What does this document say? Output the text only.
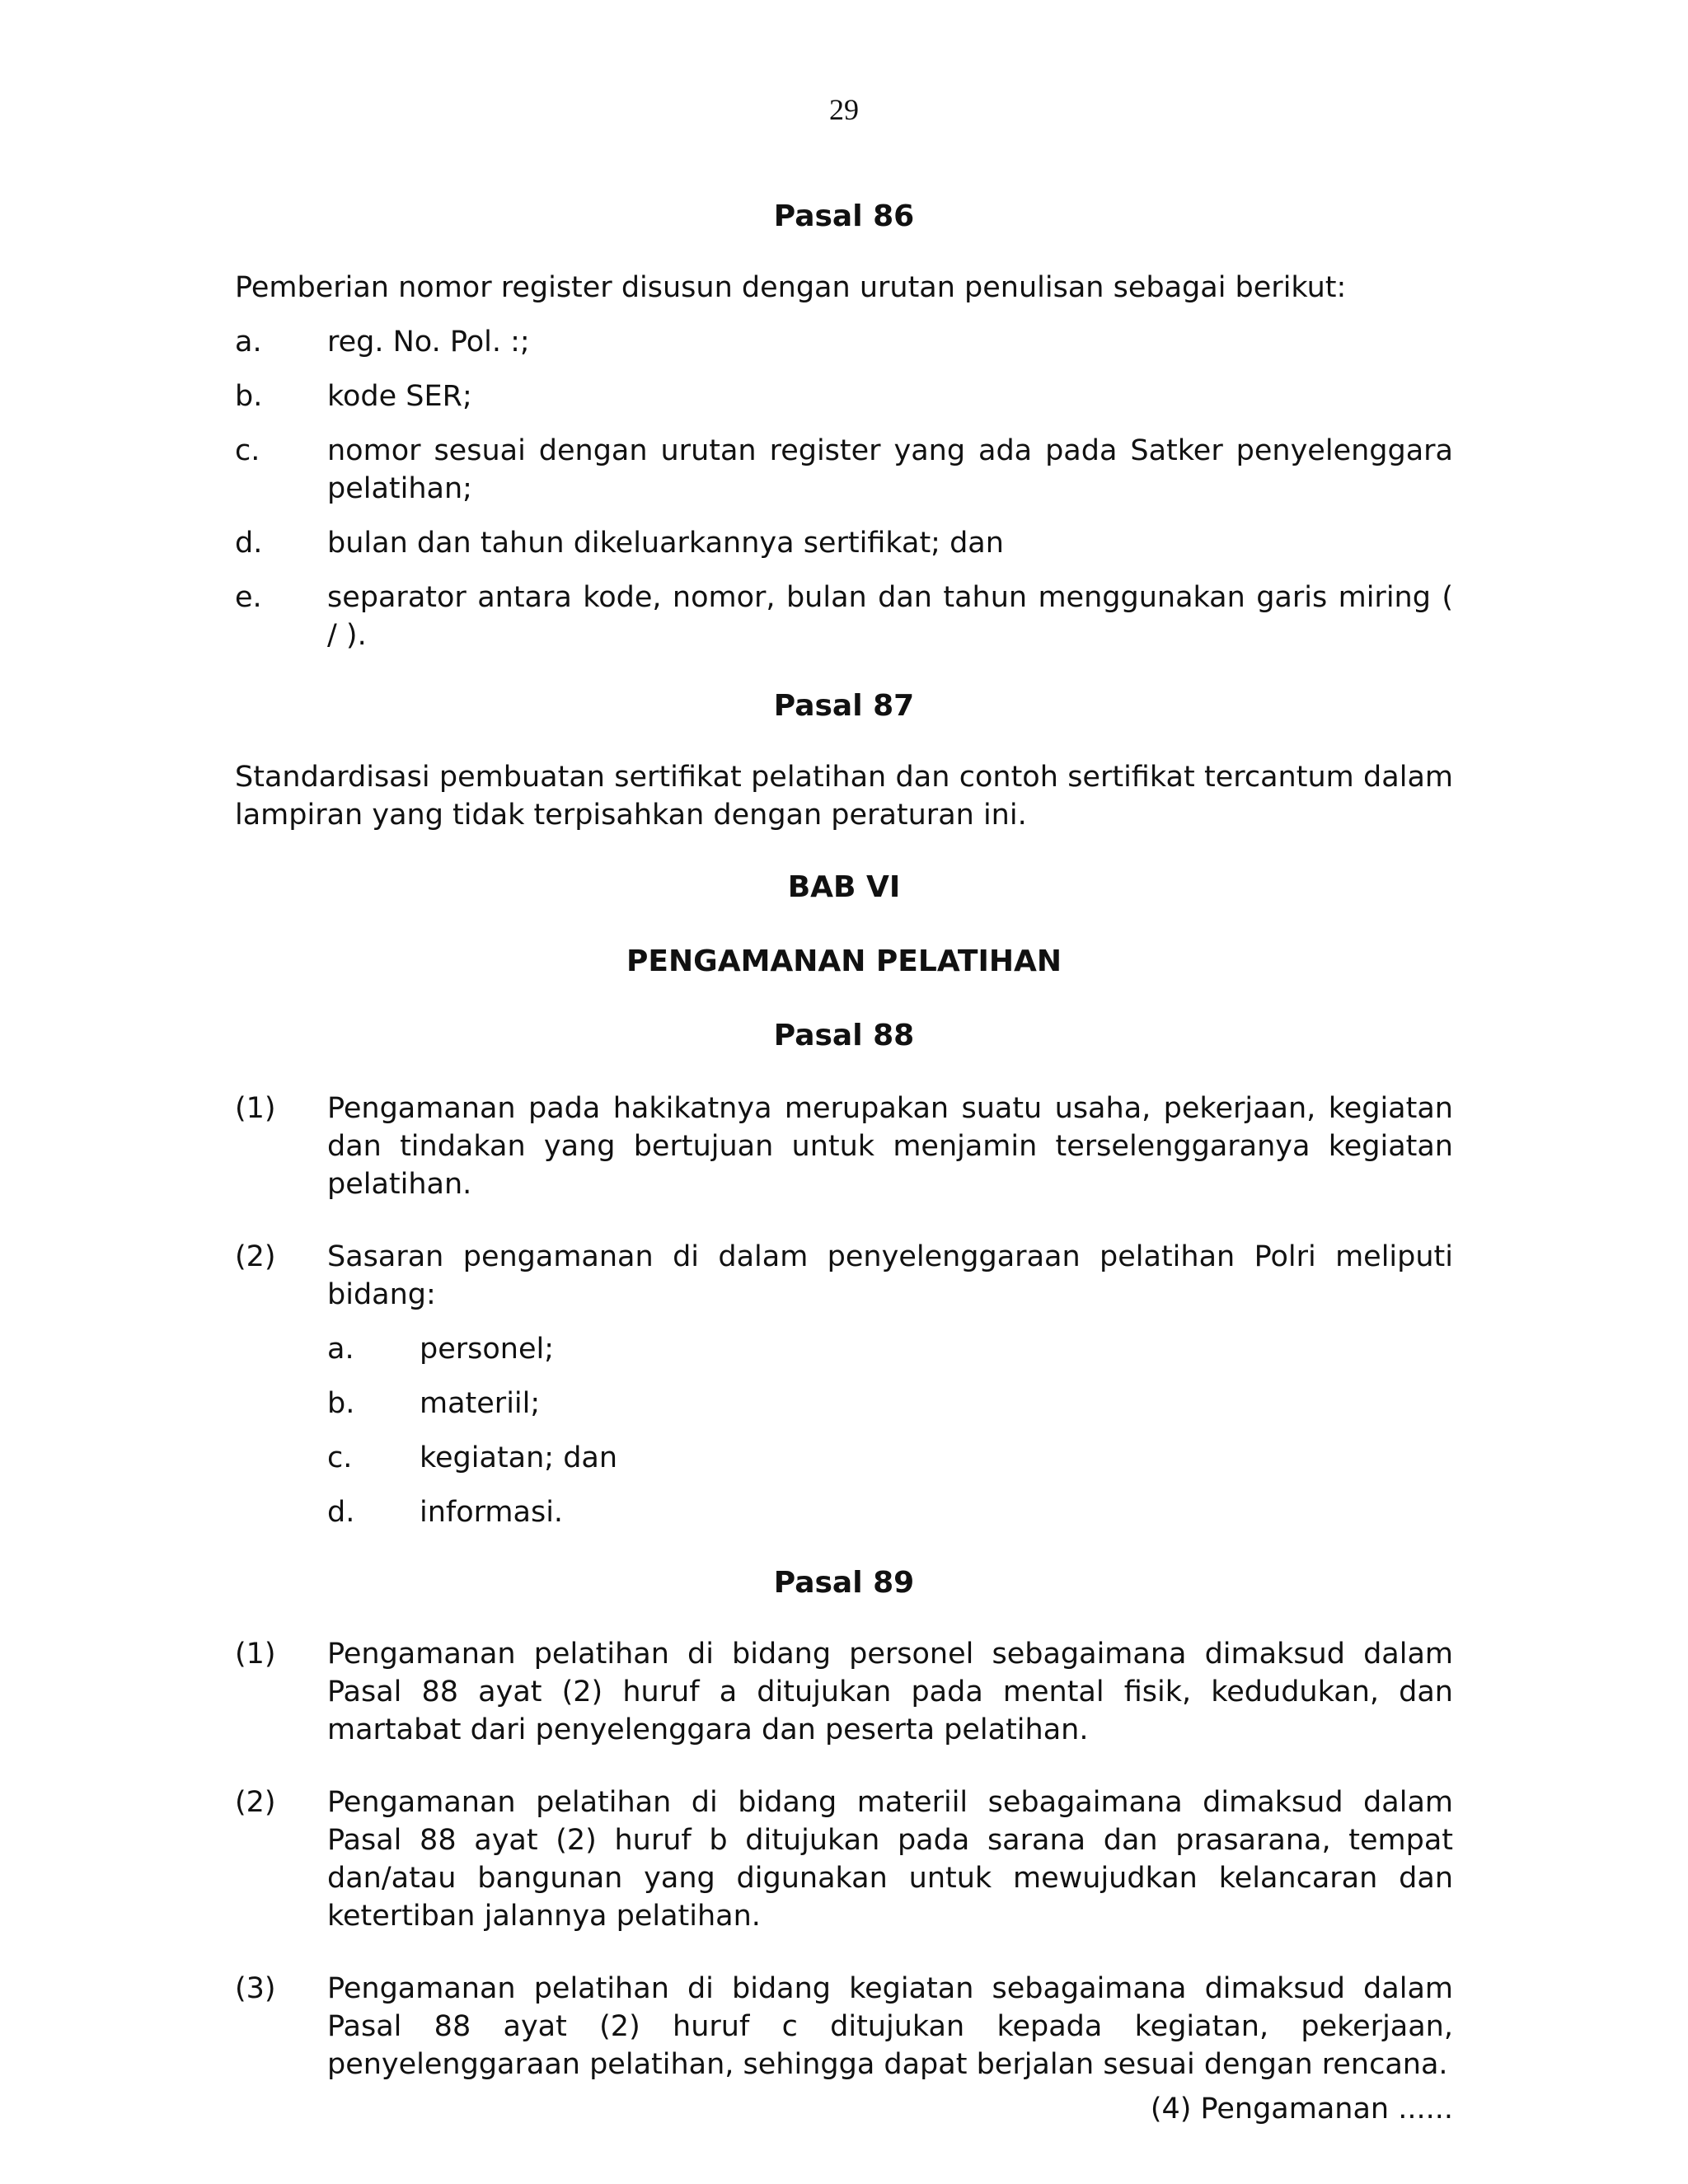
29

Pasal 86

Pemberian nomor register disusun dengan urutan penulisan sebagai berikut:

a.	reg. No. Pol. :;
b.	kode SER;
c.	nomor sesuai dengan urutan register yang ada pada Satker penyelenggara pelatihan;
d.	bulan dan tahun dikeluarkannya sertifikat; dan
e.	separator antara kode, nomor, bulan dan tahun menggunakan garis miring ( / ).

Pasal 87

Standardisasi pembuatan sertifikat pelatihan dan contoh sertifikat tercantum dalam lampiran yang tidak terpisahkan dengan peraturan ini.

BAB VI

PENGAMANAN PELATIHAN

Pasal 88

(1)	Pengamanan pada hakikatnya merupakan suatu usaha, pekerjaan, kegiatan dan tindakan yang bertujuan untuk menjamin terselenggaranya kegiatan pelatihan.
(2)	Sasaran pengamanan di dalam penyelenggaraan pelatihan Polri meliputi bidang:
a.	personel;
b.	materiil;
c.	kegiatan; dan
d.	informasi.

Pasal 89

(1)	Pengamanan pelatihan di bidang personel sebagaimana dimaksud dalam Pasal 88 ayat (2) huruf a ditujukan pada mental fisik, kedudukan, dan martabat dari penyelenggara dan peserta pelatihan.
(2)	Pengamanan pelatihan di bidang materiil sebagaimana dimaksud dalam Pasal 88 ayat (2) huruf b ditujukan pada sarana dan prasarana, tempat dan/atau bangunan yang digunakan untuk mewujudkan kelancaran dan ketertiban jalannya pelatihan.
(3)	Pengamanan pelatihan di bidang kegiatan sebagaimana dimaksud dalam Pasal 88 ayat (2) huruf c ditujukan kepada kegiatan, pekerjaan, penyelenggaraan pelatihan, sehingga dapat berjalan sesuai dengan rencana.

(4) Pengamanan ......
